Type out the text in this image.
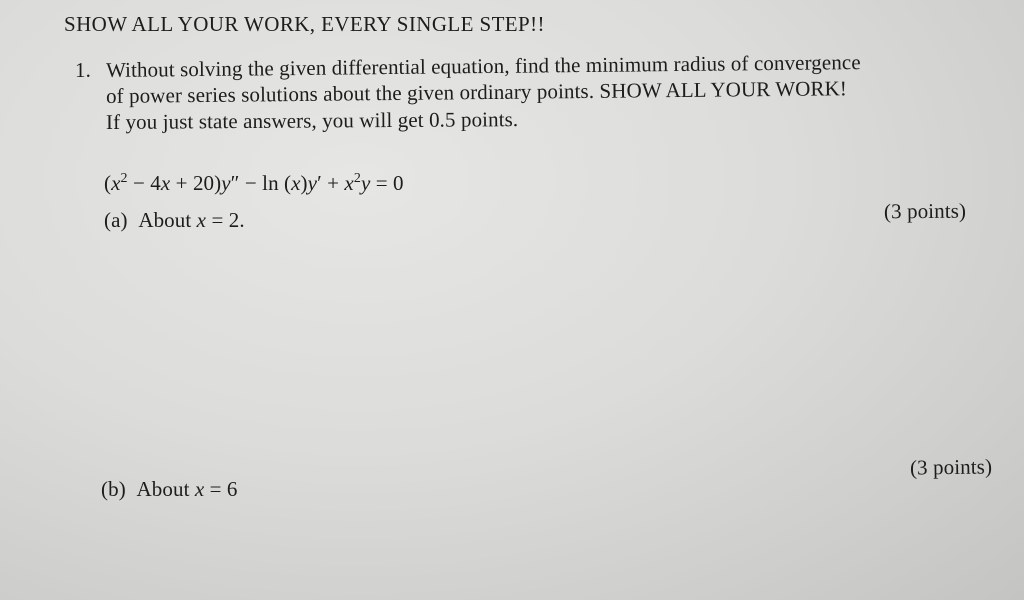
SHOW ALL YOUR WORK, EVERY SINGLE STEP!!
1. Without solving the given differential equation, find the minimum radius of convergence
of power series solutions about the given ordinary points. SHOW ALL YOUR WORK!
If you just state answers, you will get 0.5 points.
$(x^2 - 4x + 20)y'' - \ln (x)y' + x^2y = 0$
(a) About x = 2.	(3 points)
(b) About x = 6
(3 points)
